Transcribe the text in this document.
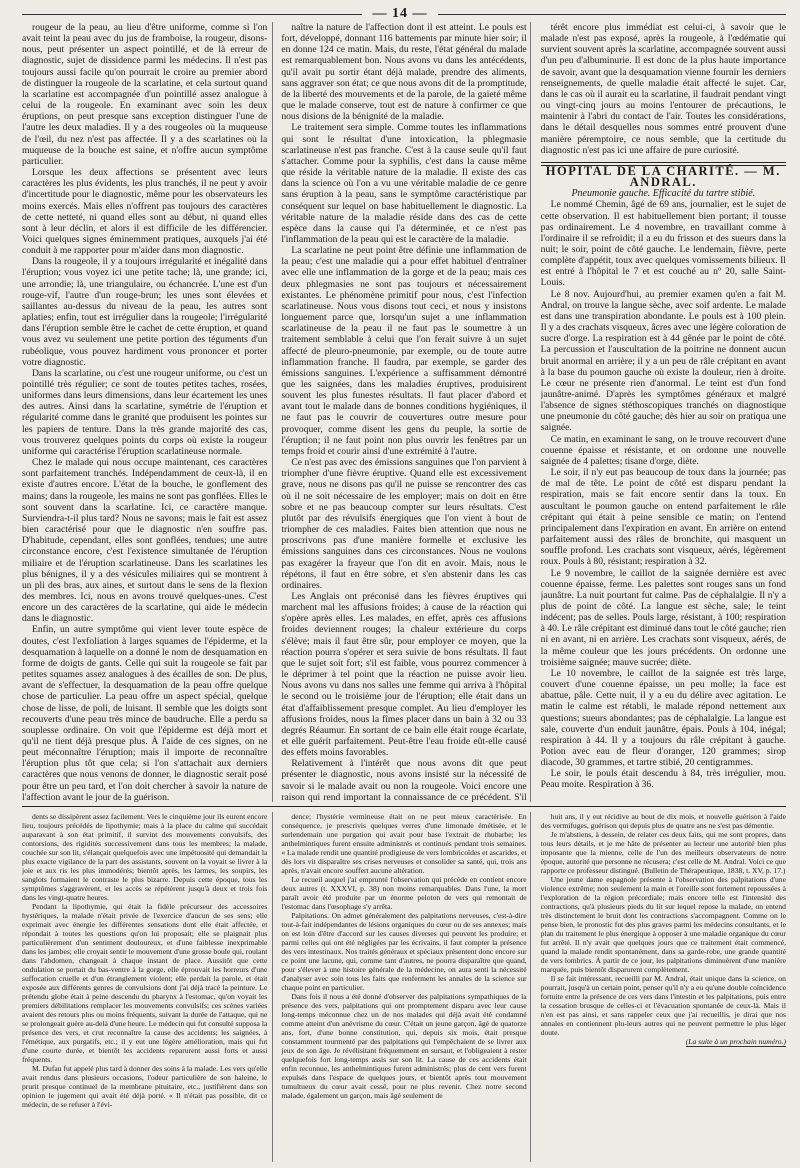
— 14 —

rougeur de la peau, au lieu d'être uniforme, comme si l'on avait teint la peau avec du jus de framboise, la rougeur, disons-nous, peut présenter un aspect pointillé, et de là erreur de diagnostic, sujet de dissidence parmi les médecins. Il n'est pas toujours aussi facile qu'on pourrait le croire au premier abord de distinguer la rougeole de la scarlatine, et cela surtout quand la scarlatine est accompagnée d'un pointillé assez analogue à celui de la rougeole. En examinant avec soin les deux éruptions, on peut presque sans exception distinguer l'une de l'autre les deux maladies. Il y a des rougeoles où la muqueuse de l'œil, du nez n'est pas affectée. Il y a des scarlatines où la muqueuse de la bouche est saine, et n'offre aucun symptôme particulier.

Lorsque les deux affections se présentent avec leurs caractères les plus évidents, les plus tranchés, il ne peut y avoir d'incertitude pour le diagnostic, même pour les observateurs les moins exercés. Mais elles n'offrent pas toujours des caractères de cette netteté, ni quand elles sont au début, ni quand elles sont à leur déclin, et alors il est difficile de les différencier. Voici quelques signes éminemment pratiques, auxquels j'ai été conduit à me rapporter pour m'aider dans mon diagnostic.

Dans la rougeole, il y a toujours irrégularité et inégalité dans l'éruption; vous voyez ici une petite tache; là, une grande; ici, une arrondie; là, une triangulaire, ou échancrée. L'une est d'un rouge-vif, l'autre d'un rouge-brun; les unes sont élevées et saillantes au-dessus du niveau de la peau, les autres sont aplaties; enfin, tout est irrégulier dans la rougeole; l'irrégularité dans l'éruption semble être le cachet de cette éruption, et quand vous avez vu seulement une petite portion des téguments d'un rubéolique, vous pouvez hardiment vous prononcer et porter votre diagnostic.

Dans la scarlatine, ou c'est une rougeur uniforme, ou c'est un pointillé très régulier; ce sont de toutes petites taches, rosées, uniformes dans leurs dimensions, dans leur écartement les unes des autres. Ainsi dans la scarlatine, symétrie de l'éruption et régularité comme dans le granité que produisent les pointes sur les papiers de tenture. Dans la très grande majorité des cas, vous trouverez quelques points du corps où existe la rougeur uniforme qui caractérise l'éruption scarlatineuse normale.

Chez le malade qui nous occupe maintenant, ces caractères sont parfaitement tranchés. Indépendamment de ceux-là, il en existe d'autres encore. L'état de la bouche, le gonflement des mains; dans la rougeole, les mains ne sont pas gonflées. Elles le sont souvent dans la scarlatine. Ici, ce caractère manque. Surviendra-t-il plus tard? Nous ne savons; mais le fait est assez bien caractérisé pour que le diagnostic n'en souffre pas. D'habitude, cependant, elles sont gonflées, tendues; une autre circonstance encore, c'est l'existence simultanée de l'éruption miliaire et de l'éruption scarlatineuse. Dans les scarlatines les plus bénignes, il y a des vésicules miliaires qui se montrent à un pli des bras, aux aines, et surtout dans le sens de la flexion des membres. Ici, nous en avons trouvé quelques-unes. C'est encore un des caractères de la scarlatine, qui aide le médecin dans le diagnostic.

Enfin, un autre symptôme qui vient lever toute espèce de doutes, c'est l'exfoliation à larges squames de l'épiderme, et la desquamation à laquelle on a donné le nom de desquamation en forme de doigts de gants. Celle qui suit la rougeole se fait par petites squames assez analogues à des écailles de son. De plus, avant de s'effectuer, la desquamation de la peau offre quelque chose de particulier. La peau offre un aspect spécial, quelque chose de lisse, de poli, de luisant. Il semble que les doigts sont recouverts d'une peau très mince de baudruche. Elle a perdu sa souplesse ordinaire. On voit que l'épiderme est déjà mort et qu'il ne tient déjà presque plus. À l'aide de ces signes, on ne peut méconnaître l'éruption; mais il importe de reconnaître l'éruption plus tôt que cela; si l'on s'attachait aux derniers caractères que nous venons de donner, le diagnostic serait posé pour être un peu tard, et l'on doit chercher à savoir la nature de l'affection avant le jour de la guérison.

naître la nature de l'affection dont il est atteint. Le pouls est fort, développé, donnant 116 battements par minute hier soir; il en donne 124 ce matin. Mais, du reste, l'état général du malade est remarquablement bon. Nous avons vu dans les antécédents, qu'il avait pu sortir étant déjà malade, prendre des aliments, sans aggraver son état; ce que nous avons dit de la promptitude, de la liberté des mouvements et de la parole, de la gaieté même que le malade conserve, tout est de nature à confirmer ce que nous disions de la bénignité de la maladie.

Le traitement sera simple. Comme toutes les inflammations qui sont le résultat d'une intoxication, la phlegmasie scarlatineuse n'est pas franche. C'est à la cause seule qu'il faut s'attacher. Comme pour la syphilis, c'est dans la cause même que réside la véritable nature de la maladie. Il existe des cas dans la science où l'on a vu une véritable maladie de ce genre sans éruption à la peau, sans le symptôme caractéristique par conséquent sur lequel on base habituellement le diagnostic. La véritable nature de la maladie réside dans des cas de cette espèce dans la cause qui l'a déterminée, et ce n'est pas l'inflammation de la peau qui est le caractère de la maladie.

La scarlatine ne peut point être définie une inflammation de la peau; c'est une maladie qui a pour effet habituel d'entraîner avec elle une inflammation de la gorge et de la peau; mais ces deux phlegmasies ne sont pas toujours et nécessairement existantes. Le phénomène primitif pour nous, c'est l'infection scarlatineuse. Nous vous disons tout ceci, et nous y insistons longuement parce que, lorsqu'un sujet a une inflammation scarlatineuse de la peau il ne faut pas le soumettre à un traitement semblable à celui que l'on ferait suivre à un sujet affecté de pleuro-pneumonie, par exemple, ou de toute autre inflammation franche. Il faudra, par exemple, se garder des émissions sanguines. L'expérience a suffisamment démontré que les saignées, dans les maladies éruptives, produisirent souvent les plus funestes résultats. Il faut placer d'abord et avant tout le malade dans de bonnes conditions hygiéniques, il ne faut pas le couvrir de couvertures outre mesure pour provoquer, comme disent les gens du peuple, la sortie de l'éruption; il ne faut point non plus ouvrir les fenêtres par un temps froid et courir ainsi d'une extrémité à l'autre.

Ce n'est pas avec des émissions sanguines que l'on parvient à triompher d'une fièvre éruptive. Quand elle est excessivement grave, nous ne disons pas qu'il ne puisse se rencontrer des cas où il ne soit nécessaire de les employer; mais on doit en être sobre et ne pas beaucoup compter sur leurs résultats. C'est plutôt par des révulsifs énergiques que l'on vient à bout de triompher de ces maladies. Faites bien attention que nous ne proscrivons pas d'une manière formelle et exclusive les émissions sanguines dans ces circonstances. Nous ne voulons pas exagérer la frayeur que l'on dit en avoir. Mais, nous le répétons, il faut en être sobre, et s'en abstenir dans les cas ordinaires.

Les Anglais ont préconisé dans les fièvres éruptives qui marchent mal les affusions froides; à cause de la réaction qui s'opère après elles. Les malades, en effet, après ces affusions froides deviennent rouges; la chaleur extérieure du corps s'élève; mais il faut être sûr, pour employer ce moyen, que la réaction pourra s'opérer et sera suivie de bons résultats. Il faut que le sujet soit fort; s'il est faible, vous pourrez commencer à le déprimer à tel point que la réaction ne puisse avoir lieu. Nous avons vu dans nos salles une femme qui arriva à l'hôpital le second ou le troisième jour de l'éruption; elle était dans un état d'affaiblissement presque complet. Au lieu d'employer les affusions froides, nous la fîmes placer dans un bain à 32 ou 33 degrés Réaumur. En sortant de ce bain elle était rouge écarlate, et elle guérit parfaitement. Peut-être l'eau froide eût-elle causé des effets moins favorables.

Relativement à l'intérêt que nous avons dit que peut présenter le diagnostic, nous avons insisté sur la nécessité de savoir si le malade avait ou non la rougeole. Voici encore une raison qui rend important la connaissance de ce précédent. S'il

térêt encore plus immédiat est celui-ci, à savoir que le malade n'est pas exposé, après la rougeole, à l'œdématie qui survient souvent après la scarlatine, accompagnée souvent aussi d'un peu d'albuminurie. Il est donc de la plus haute importance de savoir, avant que la desquamation vienne fournir les derniers renseignements, de quelle maladie était affecté le sujet. Car, dans le cas où il aurait eu la scarlatine, il faudrait pendant vingt ou vingt-cinq jours au moins l'entourer de précautions, le maintenir à l'abri du contact de l'air. Toutes les considérations, dans le détail desquelles nous sommes entré prouvent d'une manière péremptoire, ce nous semble, que la certitude du diagnostic n'est pas ici une affaire de pure curiosité.

HOPITAL DE LA CHARITÉ. — M. ANDRAL.

Pneumonie gauche. Efficacité du tartre stibié.

Le nommé Chemin, âgé de 69 ans, journalier, est le sujet de cette observation. Il est habituellement bien portant; il tousse pas ordinairement. Le 4 novembre, en travaillant comme à l'ordinaire il se refroidit; il a eu du frisson et des sueurs dans la nuit; le soir, point de côté gauche. Le lendemain, fièvre, perte complète d'appétit, toux avec quelques vomissements bilieux. Il est entré à l'hôpital le 7 et est couché au nº 20, salle Saint-Louis.

Le 8 nov. Aujourd'hui, au premier examen qu'en a fait M. Andral, on trouve la langue sèche, avec soif ardente. Le malade est dans une transpiration abondante. Le pouls est à 100 plein. Il y a des crachats visqueux, âcres avec une légère coloration de sucre d'orge. La respiration est à 44 gênée par le point de côté. La percussion et l'auscultation de la poitrine ne donnent aucun bruit anormal en arrière; il y a un peu de râle crépitant en avant à la base du poumon gauche où existe la douleur, rien à droite. Le cœur ne présente rien d'anormal. Le teint est d'un fond jaunâtre-animé. D'après les symptômes généraux et malgré l'absence de signes stéthoscopiques tranchés on diagnostique une pneumonie du côté gauche; dès hier au soir on pratiqua une saignée.

Ce matin, en examinant le sang, on le trouve recouvert d'une couenne épaisse et résistante, et on ordonne une nouvelle saignée de 4 palettes; tisane d'orge, diète.

Le soir, il n'y eut pas beaucoup de toux dans la journée; pas de mal de tête. Le point de côté est disparu pendant la respiration, mais se fait encore sentir dans la toux. En auscultant le poumon gauche on entend parfaitement le râle crépitant qui était à peine sensible ce matin; on l'entend principalement dans l'expiration en avant. En arrière on entend parfaitement aussi des râles de bronchite, qui masquent un souffle profond. Les crachats sont visqueux, aérés, légèrement roux. Pouls à 80, résistant; respiration à 32.

Le 9 novembre, le caillot de la saignée dernière est avec couenne épaisse, ferme. Les palettes sont rouges sans un fond jaunâtre. La nuit pourtant fut calme. Pas de céphalalgie. Il n'y a plus de point de côté. La langue est sèche, sale; le teint indécent; pas de selles. Pouls large, résistant, à 100; respiration à 40. Le râle crépitant est diminué dans tout le côté gauche; rien ni en avant, ni en arrière. Les crachats sont visqueux, aérés, de la même couleur que les jours précédents. On ordonne une troisième saignée; mauve sucrée; diète.

Le 10 novembre, le caillot de la saignée est très large, couvert d'une couenne épaisse, un peu molle; la face est abattue, pâle. Cette nuit, il y a eu du délire avec agitation. Le matin le calme est rétabli, le malade répond nettement aux questions; sueurs abondantes; pas de céphalalgie. La langue est sale, couverte d'un enduit jaunâtre, épais. Pouls à 104, inégal; respiration à 44. Il y a toujours du râle crépitant à gauche. Potion avec eau de fleur d'oranger, 120 grammes; sirop diacode, 30 grammes, et tartre stibié, 20 centigrammes.

Le soir, le pouls était descendu à 84, très irrégulier, mou. Peau moite. Respiration à 36.

dents se dissipèrent assez facilement. Vers le cinquième jour ils eurent encore lieu, toujours précédés de lipothymie; mais à la place du calme qui succédait auparavant à son état primitif, il survint des mouvements convulsifs, des contorsions, des rigidités successivement dans tous les membres; la malade, couchée sur son lit, s'élançait quelquefois avec une impétuosité qui demandait la plus exacte vigilance de la part des assistants, souvent on la voyait se livrer à la joie et aux ris les plus immodérés; bientôt après, les larmes, les soupirs, les sanglots formaient le contraste le plus bizarre. Depuis cette époque, tous les symptômes s'aggravèrent, et les accès se répétèrent jusqu'à deux et trois fois dans les vingt-quatre heures.

Pendant la lipothymie, qui était la fidèle précurseur des accessoires hystériques, la malade n'était privée de l'exercice d'aucun de ses sens; elle exprimait avec énergie les différentes sensations dont elle était affectée, et répondait à toutes les questions qu'on lui proposait; elle se plaignait plus particulièrement d'un sentiment douloureux, et d'une faiblesse inexprimable dans les jambes; elle croyait sentir le mouvement d'une grosse boule qui, roulant dans l'abdomen, changeait à chaque instant de place. Aussitôt que cette ondulation se portait du bas-ventre à la gorge, elle éprouvait les horreurs d'une suffocation cruelle et d'un étranglement violent; elle perdait la parole, et était exposée aux différents genres de convulsions dont j'ai déjà tracé la peinture. Le prétendu globe était à peine descendu du pharynx à l'estomac, qu'on voyait les premiers débilitations remplacer les mouvements convulsifs; ces scènes variées avaient des retours plus ou moins fréquents, suivant la durée de l'attaque, qui ne se prolongeait guère au-delà d'une heure. Le médecin qui fut consulté supposa la présence des vers, et crut reconnaître la cause des accidents; les saignées, à l'émétique, aux purgatifs, etc.; il y eut une légère amélioration, mais qui fut d'une courte durée, et bientôt les accidents reparurent aussi forts et aussi fréquents.

M. Dufau fut appelé plus tard à donner des soins à la malade. Les vers qu'elle avait rendus dans plusieurs occasions, l'odeur particulière de son haleine, le prurit presque continuel de la membrane pituitaire, etc., justifièrent dans son opinion le jugement qui avait été déjà porté. « Il n'était pas possible, dit ce médecin, de se refuser à l'évi-

dence; l'hystérie vermineuse était on ne peut mieux caractérisée. En conséquence, je prescrivis quelques verres d'une limonade émétisée, et le surlendemain une purgation qui avait pour base l'extrait de rhubarbe; les anthelmintiques furent ensuite administrés et continués pendant trois semaines. « La malade rendit une quantité prodigieuse de vers lombricoïdes et ascarides, et dès lors vit disparaître ses crises nerveuses et consolider sa santé, qui, trois ans après, n'avait encore souffert aucune altération.

Le recueil auquel j'ai emprunté l'observation qui précède en contient encore deux autres (t. XXXVI, p. 38) non moins remarquables. Dans l'une, la mort paraît avoir été produite par un énorme peloton de vers qui remontait de l'estomac dans l'œsophage s'y arrêta.

Palpitations. On admet généralement des palpitations nerveuses, c'est-à-dire tout-à-fait indépendantes de lésions organiques du cœur ou de ses annexes; mais on est loin d'être d'accord sur les causes diverses qui peuvent les produire; et parmi celles qui ont été négligées par les écrivains, il faut compter la présence des vers intestinaux. Nos traités généraux et spéciaux présentent donc encore sur ce point une lacune, qui, comme tant d'autres, ne pourra disparaître que quand, pour s'élever à une histoire générale de la médecine, on aura senti la nécessité d'analyser avec soin tous les faits que renferment les annales de la science sur chaque point en particulier.

Dans fois il nous a été donné d'observer des palpitations sympathiques de la présence des vers, palpitations qui ont promptement disparu avec leur cause long-temps méconnue chez un de nos malades qui déjà avait été condamné comme atteint d'un anévrisme du cœur. C'était un jeune garçon, âgé de quatorze ans, fort, d'une bonne constitution, qui, depuis six mois, était presque constamment tourmenté par des palpitations qui l'empêchaient de se livrer aux jeux de son âge. Je révélisitant fréquemment en sursaut, et l'obligeaient à rester quelquefois fort long-temps assis sur son lit. La cause de ces accidents était enfin reconnue, les anthelmintiques furent administrés; plus de cent vers furent expulsés dans l'espace de quelques jours, et bientôt après tout mouvement tumultueux du cœur avait cessé, pour ne plus revenir. Chez notre second malade, également un garçon, mais âgé seulement de

huit ans, il y eut récidive au bout de dix mois, et nouvelle guérison à l'aide des vermifuges, guérison qui depuis plus de quatre ans ne s'est pas démentie.

Je m'abstiens, à dessein, de relater ces deux faits, qui me sont propres, dans tous leurs détails, et je me hâte de présenter au lecteur une autorité bien plus imposante que la mienne, celle de l'un des meilleurs observateurs de notre époque, autorité que personne ne récusera; c'est celle de M. Andral. Voici ce que rapporte ce professeur distingué. (Bulletin de Thérapeutique, 1838, t. XV, p. 17.)

Une jeune dame espagnole présente à l'observation des palpitations d'une violence extrême; non seulement la main et l'oreille sont fortement repoussées à l'exploration de la région précordiale; mais encore telle est l'intensité des contractions, qu'à plusieurs pieds du lit sur lequel repose la malade, on entend très distinctement le bruit dont les contractions s'accompagnent. Comme on le pense bien, le pronostic fut des plus graves parmi les médecins consultants, et le plan du traitement le plus énergique à opposer à une maladie organique du cœur fut arrêté. Il n'y avait que quelques jours que ce traitement était commencé, quand la malade rendit spontanément, dans sa garde-robe, une grande quantité de vers lombrics. À partir de ce jour, les palpitations diminuèrent d'une manière marquée, puis bientôt disparurent complètement.

Il se fait intéressant, recueilli par M. Andral, était unique dans la science, on pourrait, jusqu'à un certain point, penser qu'il n'y a eu qu'une double coïncidence fortuite entre la présence de ces vers dans l'intestin et les palpitations, puis entre la cessation brusque de celles-ci et l'évacuation spontanée de ceux-là. Mais il n'en est pas ainsi, et sans rappeler ceux que j'ai recueillis, je dirai que nos annales en contiennent plu-leurs autres qui ne peuvent permettre le plus léger doute.

(La suite à un prochain numéro.)
